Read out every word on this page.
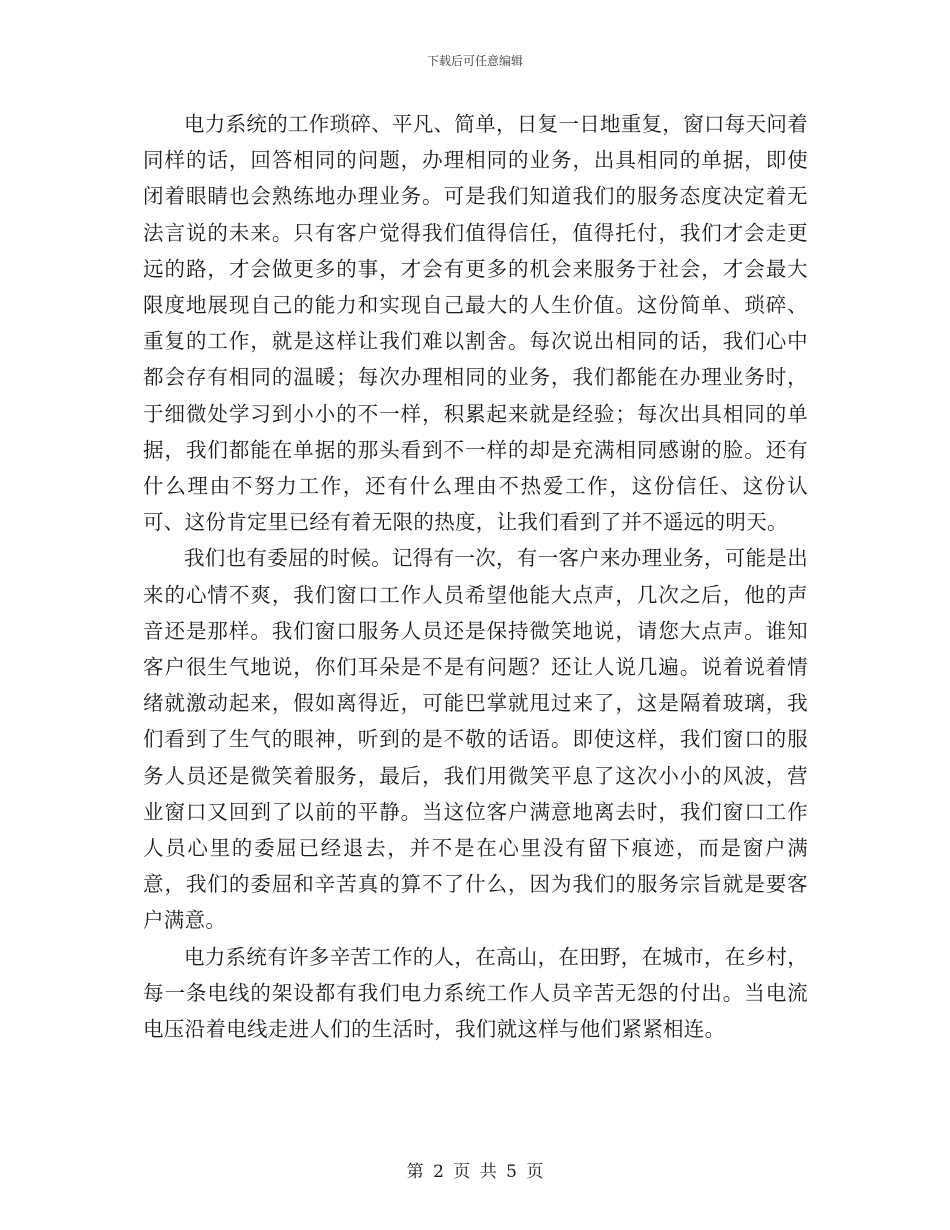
下载后可任意编辑

电力系统的工作琐碎、平凡、简单，日复一日地重复，窗口每天问着同样的话，回答相同的问题，办理相同的业务，出具相同的单据，即使闭着眼睛也会熟练地办理业务。可是我们知道我们的服务态度决定着无法言说的未来。只有客户觉得我们值得信任，值得托付，我们才会走更远的路，才会做更多的事，才会有更多的机会来服务于社会，才会最大限度地展现自己的能力和实现自己最大的人生价值。这份简单、琐碎、重复的工作，就是这样让我们难以割舍。每次说出相同的话，我们心中都会存有相同的温暖；每次办理相同的业务，我们都能在办理业务时，于细微处学习到小小的不一样，积累起来就是经验；每次出具相同的单据，我们都能在单据的那头看到不一样的却是充满相同感谢的脸。还有什么理由不努力工作，还有什么理由不热爱工作，这份信任、这份认可、这份肯定里已经有着无限的热度，让我们看到了并不遥远的明天。

我们也有委屈的时候。记得有一次，有一客户来办理业务，可能是出来的心情不爽，我们窗口工作人员希望他能大点声，几次之后，他的声音还是那样。我们窗口服务人员还是保持微笑地说，请您大点声。谁知客户很生气地说，你们耳朵是不是有问题？还让人说几遍。说着说着情绪就激动起来，假如离得近，可能巴掌就甩过来了，这是隔着玻璃，我们看到了生气的眼神，听到的是不敬的话语。即使这样，我们窗口的服务人员还是微笑着服务，最后，我们用微笑平息了这次小小的风波，营业窗口又回到了以前的平静。当这位客户满意地离去时，我们窗口工作人员心里的委屈已经退去，并不是在心里没有留下痕迹，而是窗户满意，我们的委屈和辛苦真的算不了什么，因为我们的服务宗旨就是要客户满意。

电力系统有许多辛苦工作的人，在高山，在田野，在城市，在乡村，每一条电线的架设都有我们电力系统工作人员辛苦无怨的付出。当电流电压沿着电线走进人们的生活时，我们就这样与他们紧紧相连。

第 2 页 共 5 页
